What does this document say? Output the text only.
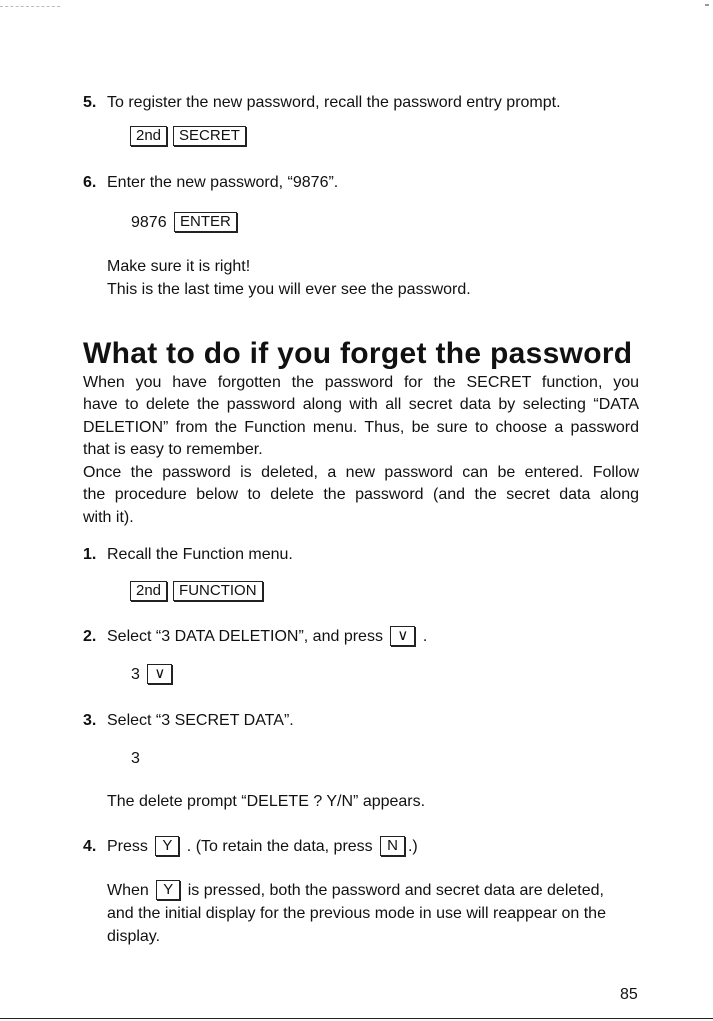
5. To register the new password, recall the password entry prompt.
2nd SECRET
6. Enter the new password, “9876”.
9876 ENTER
Make sure it is right!
This is the last time you will ever see the password.
What to do if you forget the password
When you have forgotten the password for the SECRET function, you
have to delete the password along with all secret data by selecting “DATA
DELETION” from the Function menu. Thus, be sure to choose a password
that is easy to remember.
Once the password is deleted, a new password can be entered. Follow
the procedure below to delete the password (and the secret data along
with it).
1. Recall the Function menu.
2nd FUNCTION
2. Select “3 DATA DELETION”, and press ∨ .
3 ∨
3. Select “3 SECRET DATA”.
3
The delete prompt “DELETE ? Y/N” appears.
4. Press Y . (To retain the data, press N .)
When Y is pressed, both the password and secret data are deleted,
and the initial display for the previous mode in use will reappear on the
display.
85
